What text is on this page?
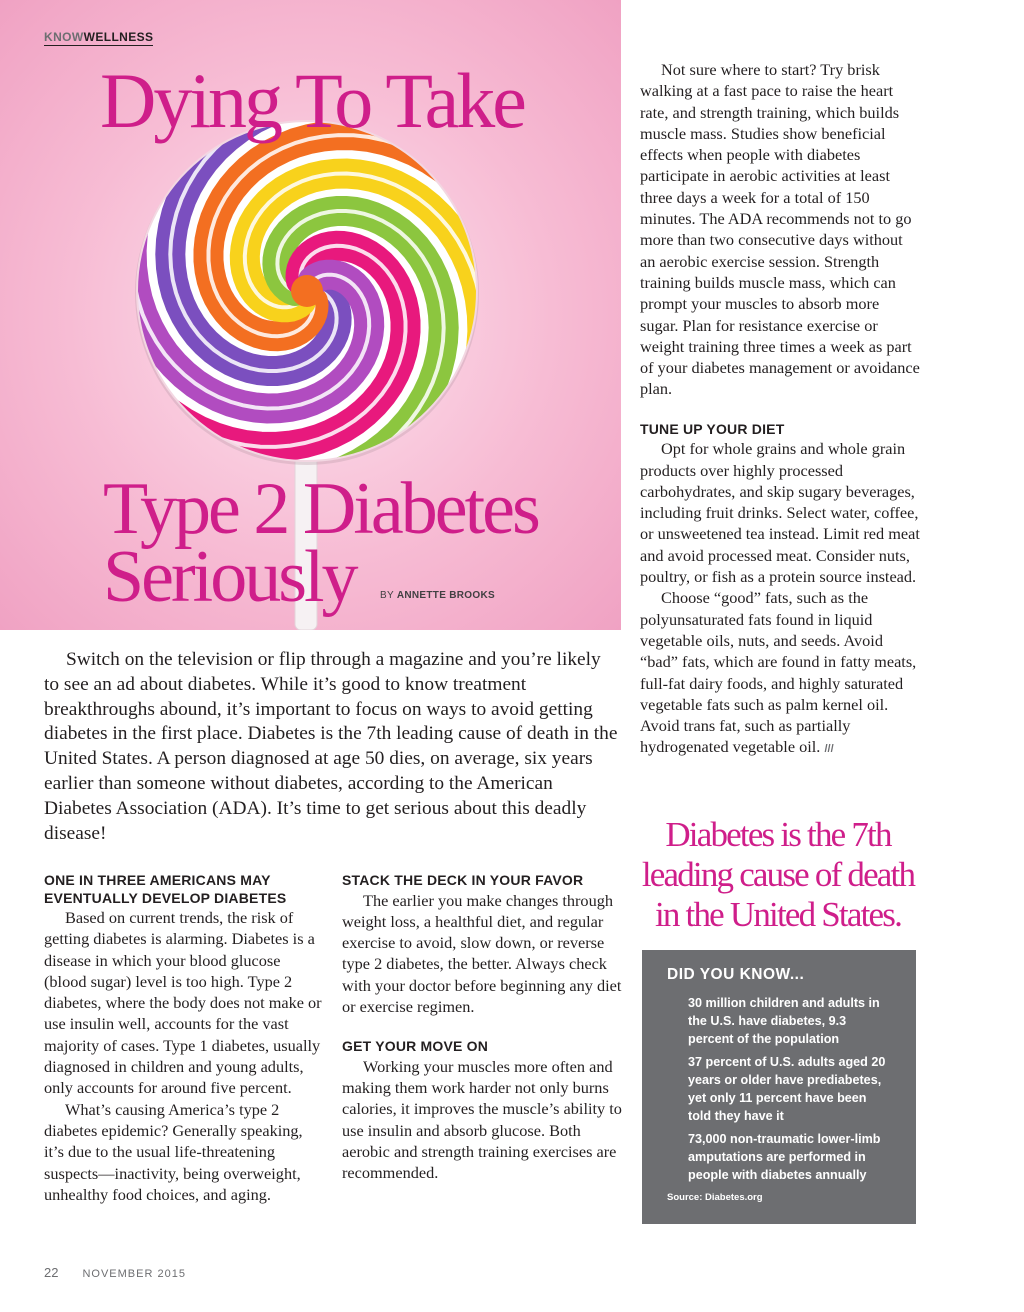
KNOWWELLNESS
Dying To Take
Type 2 Diabetes
Seriously BY ANNETTE BROOKS

Switch on the television or flip through a magazine and you’re likely to see an ad about diabetes. While it’s good to know treatment breakthroughs abound, it’s important to focus on ways to avoid getting diabetes in the first place. Diabetes is the 7th leading cause of death in the United States. A person diagnosed at age 50 dies, on average, six years earlier than someone without diabetes, according to the American Diabetes Association (ADA). It’s time to get serious about this deadly disease!

ONE IN THREE AMERICANS MAY EVENTUALLY DEVELOP DIABETES

Based on current trends, the risk of getting diabetes is alarming. Diabetes is a disease in which your blood glucose (blood sugar) level is too high. Type 2 diabetes, where the body does not make or use insulin well, accounts for the vast majority of cases. Type 1 diabetes, usually diagnosed in children and young adults, only accounts for around five percent.

What’s causing America’s type 2 diabetes epidemic? Generally speaking, it’s due to the usual life-threatening suspects—inactivity, being overweight, unhealthy food choices, and aging.

STACK THE DECK IN YOUR FAVOR

The earlier you make changes through weight loss, a healthful diet, and regular exercise to avoid, slow down, or reverse type 2 diabetes, the better. Always check with your doctor before beginning any diet or exercise regimen.

GET YOUR MOVE ON

Working your muscles more often and making them work harder not only burns calories, it improves the muscle’s ability to use insulin and absorb glucose. Both aerobic and strength training exercises are recommended.

Not sure where to start? Try brisk walking at a fast pace to raise the heart rate, and strength training, which builds muscle mass. Studies show beneficial effects when people with diabetes participate in aerobic activities at least three days a week for a total of 150 minutes. The ADA recommends not to go more than two consecutive days without an aerobic exercise session. Strength training builds muscle mass, which can prompt your muscles to absorb more sugar. Plan for resistance exercise or weight training three times a week as part of your diabetes management or avoidance plan.

TUNE UP YOUR DIET

Opt for whole grains and whole grain products over highly processed carbohydrates, and skip sugary beverages, including fruit drinks. Select water, coffee, or unsweetened tea instead. Limit red meat and avoid processed meat. Consider nuts, poultry, or fish as a protein source instead.

Choose “good” fats, such as the polyunsaturated fats found in liquid vegetable oils, nuts, and seeds. Avoid “bad” fats, which are found in fatty meats, full-fat dairy foods, and highly saturated vegetable fats such as palm kernel oil. Avoid trans fat, such as partially hydrogenated vegetable oil. ///

Diabetes is the 7th leading cause of death in the United States.

DID YOU KNOW...

30 million children and adults in the U.S. have diabetes, 9.3 percent of the population
37 percent of U.S. adults aged 20 years or older have prediabetes, yet only 11 percent have been told they have it
73,000 non-traumatic lower-limb amputations are performed in people with diabetes annually

Source: Diabetes.org

22 NOVEMBER 2015
